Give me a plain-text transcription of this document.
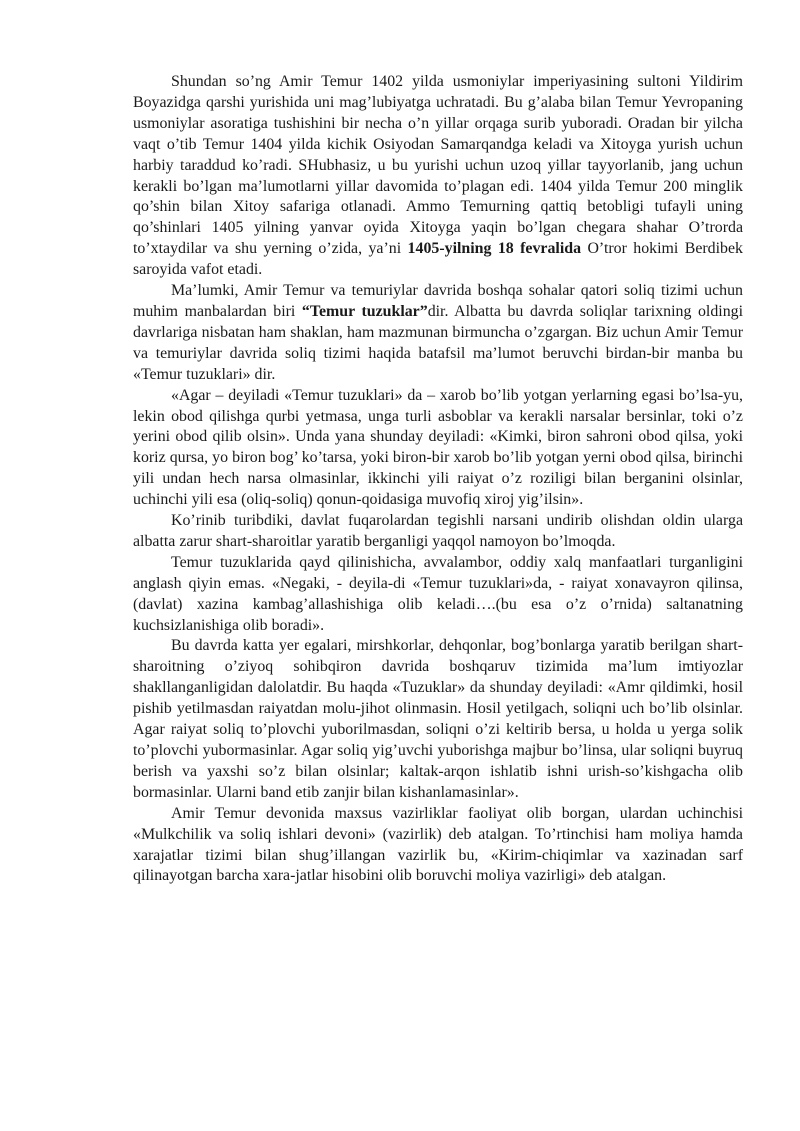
Shundan so’ng Amir Temur 1402 yilda usmoniylar imperiyasining sultoni Yildirim Boyazidga qarshi yurishida uni mag’lubiyatga uchratadi. Bu g’alaba bilan Temur Yevropaning usmoniylar asoratiga tushishini bir necha o’n yillar orqaga surib yuboradi. Oradan bir yilcha vaqt o’tib Temur 1404 yilda kichik Osiyodan Samarqandga keladi va Xitoyga yurish uchun harbiy taraddud ko’radi. SHubhasiz, u bu yurishi uchun uzoq yillar tayyorlanib, jang uchun kerakli bo’lgan ma’lumotlarni yillar davomida to’plagan edi. 1404 yilda Temur 200 minglik qo’shin bilan Xitoy safariga otlanadi. Ammo Temurning qattiq betobligi tufayli uning qo’shinlari 1405 yilning yanvar oyida Xitoyga yaqin bo’lgan chegara shahar O’trorda to’xtaydilar va shu yerning o’zida, ya’ni 1405-yilning 18 fevralida O’tror hokimi Berdibek saroyida vafot etadi.

Ma’lumki, Amir Temur va temuriylar davrida boshqa sohalar qatori soliq tizimi uchun muhim manbalardan biri “Temur tuzuklar”dir. Albatta bu davrda soliqlar tarixning oldingi davrlariga nisbatan ham shaklan, ham mazmunan birmuncha o’zgargan. Biz uchun Amir Temur va temuriylar davrida soliq tizimi haqida batafsil ma’lumot beruvchi birdan-bir manba bu «Temur tuzuklari» dir.

«Agar – deyiladi «Temur tuzuklari» da – xarob bo’lib yotgan yerlarning egasi bo’lsa-yu, lekin obod qilishga qurbi yetmasa, unga turli asboblar va kerakli narsalar bersinlar, toki o’z yerini obod qilib olsin». Unda yana shunday deyiladi: «Kimki, biron sahroni obod qilsa, yoki koriz qursa, yo biron bog’ ko’tarsa, yoki biron-bir xarob bo’lib yotgan yerni obod qilsa, birinchi yili undan hech narsa olmasinlar, ikkinchi yili raiyat o’z roziligi bilan berganini olsinlar, uchinchi yili esa (oliq-soliq) qonun-qoidasiga muvofiq xiroj yig’ilsin».

Ko’rinib turibdiki, davlat fuqarolardan tegishli narsani undirib olishdan oldin ularga albatta zarur shart-sharoitlar yaratib berganligi yaqqol namoyon bo’lmoqda.

Temur tuzuklarida qayd qilinishicha, avvalambor, oddiy xalq manfaatlari turganligini anglash qiyin emas. «Negaki, - deyila-di «Temur tuzuklari»da, - raiyat xonavayron qilinsa, (davlat) xazina kambag’allashishiga olib keladi….(bu esa o’z o’rnida) saltanatning kuchsizlanishiga olib boradi».

Bu davrda katta yer egalari, mirshkorlar, dehqonlar, bog’bonlarga yaratib berilgan shart-sharoitning o’ziyoq sohibqiron davrida boshqaruv tizimida ma’lum imtiyozlar shakllanganligidan dalolatdir. Bu haqda «Tuzuklar» da shunday deyiladi: «Amr qildimki, hosil pishib yetilmasdan raiyatdan molu-jihot olinmasin. Hosil yetilgach, soliqni uch bo’lib olsinlar. Agar raiyat soliq to’plovchi yuborilmasdan, soliqni o’zi keltirib bersa, u holda u yerga solik to’plovchi yubormasinlar. Agar soliq yig’uvchi yuborishga majbur bo’linsa, ular soliqni buyruq berish va yaxshi so’z bilan olsinlar; kaltak-arqon ishlatib ishni urish-so’kishgacha olib bormasinlar. Ularni band etib zanjir bilan kishanlamasinlar».

Amir Temur devonida maxsus vazirliklar faoliyat olib borgan, ulardan uchinchisi «Mulkchilik va soliq ishlari devoni» (vazirlik) deb atalgan. To’rtinchisi ham moliya hamda xarajatlar tizimi bilan shug’illangan vazirlik bu, «Kirim-chiqimlar va xazinadan sarf qilinayotgan barcha xara-jatlar hisobini olib boruvchi moliya vazirligi» deb atalgan.
